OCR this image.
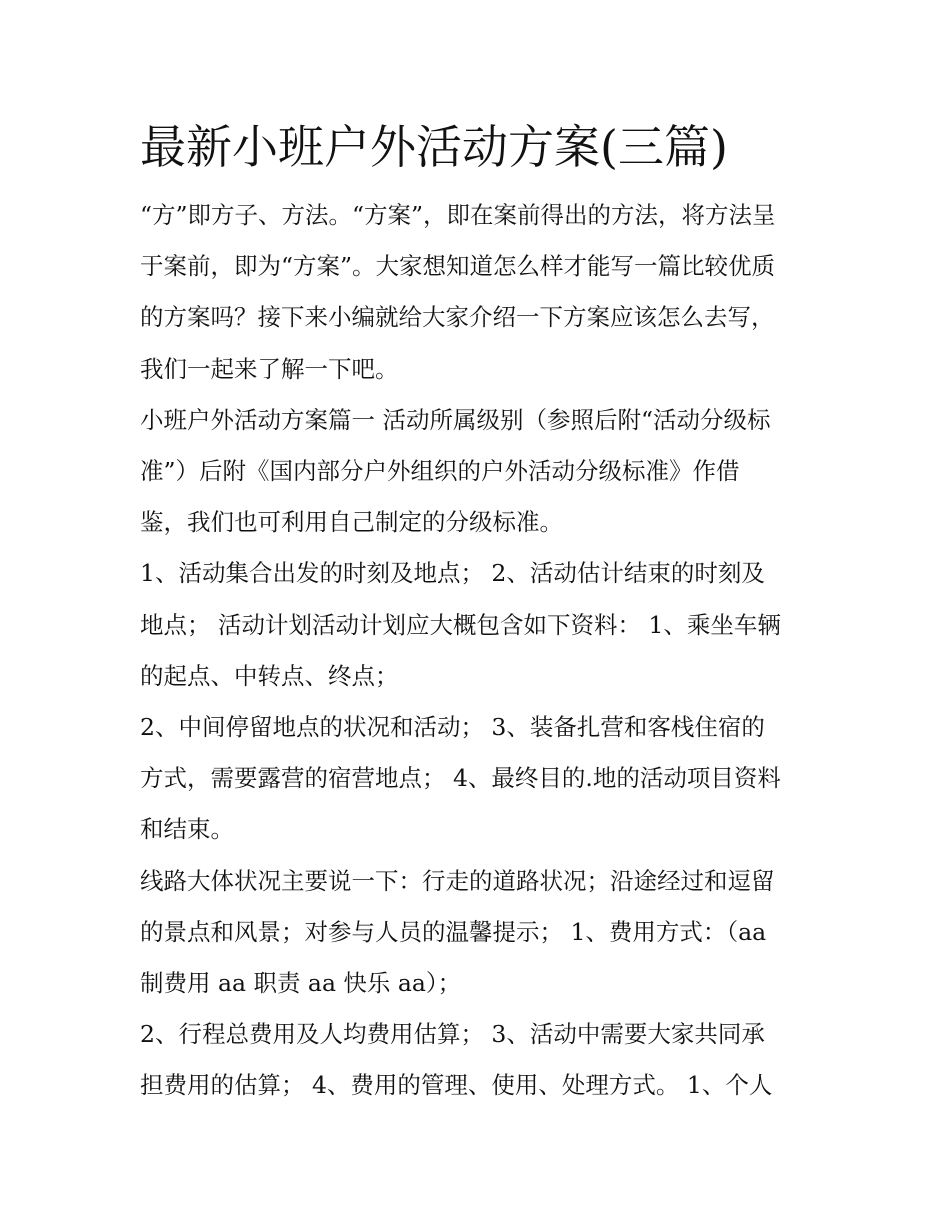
最新小班户外活动方案(三篇)

“方”即方子、方法。“方案”，即在案前得出的方法，将方法呈
于案前，即为“方案”。大家想知道怎么样才能写一篇比较优质
的方案吗？接下来小编就给大家介绍一下方案应该怎么去写，
我们一起来了解一下吧。

小班户外活动方案篇一 活动所属级别（参照后附“活动分级标
准”）后附《国内部分户外组织的户外活动分级标准》作借
鉴，我们也可利用自己制定的分级标准。

1、活动集合出发的时刻及地点； 2、活动估计结束的时刻及
地点； 活动计划活动计划应大概包含如下资料： 1、乘坐车辆
的起点、中转点、终点；

2、中间停留地点的状况和活动； 3、装备扎营和客栈住宿的
方式，需要露营的宿营地点； 4、最终目的.地的活动项目资料
和结束。

线路大体状况主要说一下：行走的道路状况；沿途经过和逗留
的景点和风景；对参与人员的温馨提示； 1、费用方式：（aa
制费用 aa 职责 aa 快乐 aa）；

2、行程总费用及人均费用估算； 3、活动中需要大家共同承
担费用的估算； 4、费用的管理、使用、处理方式。 1、个人
